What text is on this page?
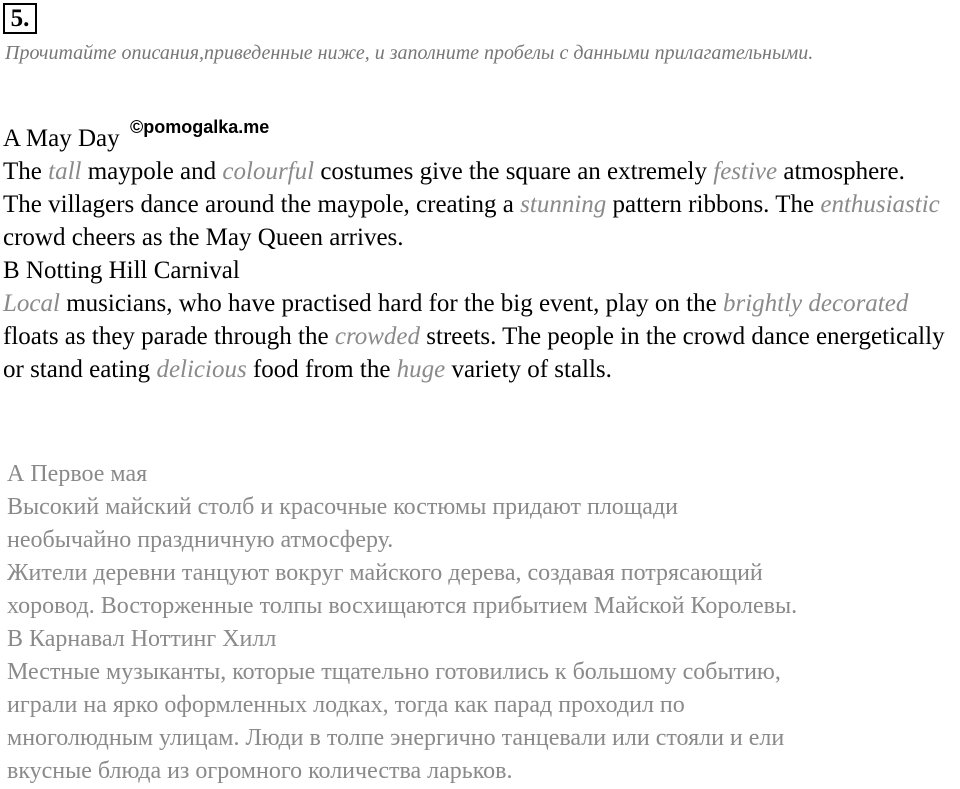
5.
Прочитайте описания,приведенные ниже, и заполните пробелы с данными прилагательными.
©pomogalka.me

A May Day

The tall maypole and colourful costumes give the square an extremely festive atmosphere.

The villagers dance around the maypole, creating a stunning pattern ribbons. The enthusiastic crowd cheers as the May Queen arrives.

B Notting Hill Carnival

Local musicians, who have practised hard for the big event, play on the brightly decorated floats as they parade through the crowded streets. The people in the crowd dance energetically or stand eating delicious food from the huge variety of stalls.

А Первое мая

Высокий майский столб и красочные костюмы придают площади

необычайно праздничную атмосферу.

Жители деревни танцуют вокруг майского дерева, создавая потрясающий

хоровод. Восторженные толпы восхищаются прибытием Майской Королевы.

В Карнавал Ноттинг Хилл

Местные музыканты, которые тщательно готовились к большому событию,

играли на ярко оформленных лодках, тогда как парад проходил по

многолюдным улицам. Люди в толпе энергично танцевали или стояли и ели

вкусные блюда из огромного количества ларьков.
